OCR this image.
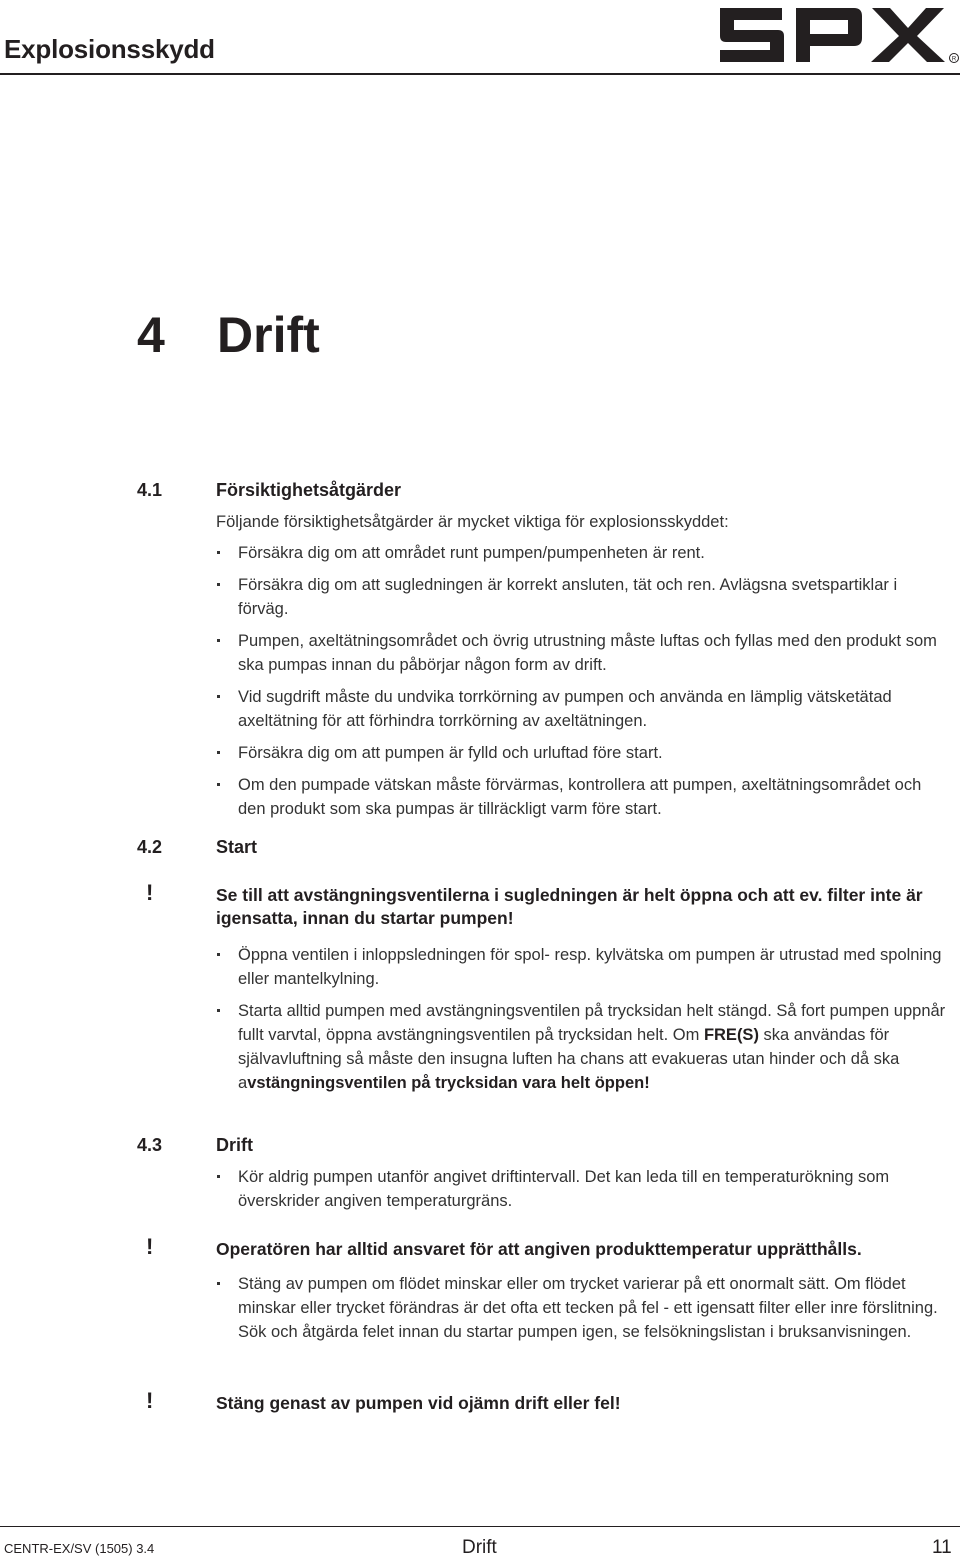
Explosionsskydd	R
4 Drift
4.1	Försiktighetsåtgärder
Följande försiktighetsåtgärder är mycket viktiga för explosionsskyddet:
Försäkra dig om att området runt pumpen/pumpenheten är rent.
Försäkra dig om att sugledningen är korrekt ansluten, tät och ren. Avlägsna svetspartiklar i förväg.
Pumpen, axeltätningsområdet och övrig utrustning måste luftas och fyllas med den produkt som ska pumpas innan du påbörjar någon form av drift.
Vid sugdrift måste du undvika torrkörning av pumpen och använda en lämplig vätsketätad axeltätning för att förhindra torrkörning av axeltätningen.
Försäkra dig om att pumpen är fylld och urluftad före start.
Om den pumpade vätskan måste förvärmas, kontrollera att pumpen, axeltätningsområdet och den produkt som ska pumpas är tillräckligt varm före start.
4.2	Start
!	Se till att avstängningsventilerna i sugledningen är helt öppna och att ev. filter inte är igensatta, innan du startar pumpen!
Öppna ventilen i inloppsledningen för spol- resp. kylvätska om pumpen är utrustad med spolning eller mantelkylning.
Starta alltid pumpen med avstängningsventilen på trycksidan helt stängd. Så fort pumpen uppnår fullt varvtal, öppna avstängningsventilen på trycksidan helt. Om FRE(S) ska användas för självavluftning så måste den insugna luften ha chans att evakueras utan hinder och då ska avstängningsventilen på trycksidan vara helt öppen!
4.3	Drift
Kör aldrig pumpen utanför angivet driftintervall. Det kan leda till en temperaturökning som överskrider angiven temperaturgräns.
!	Operatören har alltid ansvaret för att angiven produkttemperatur upprätthålls.
Stäng av pumpen om flödet minskar eller om trycket varierar på ett onormalt sätt. Om flödet minskar eller trycket förändras är det ofta ett tecken på fel - ett igensatt filter eller inre förslitning. Sök och åtgärda felet innan du startar pumpen igen, se felsökningslistan i bruksanvisningen.
!	Stäng genast av pumpen vid ojämn drift eller fel!
CENTR-EX/SV (1505) 3.4	Drift	11
